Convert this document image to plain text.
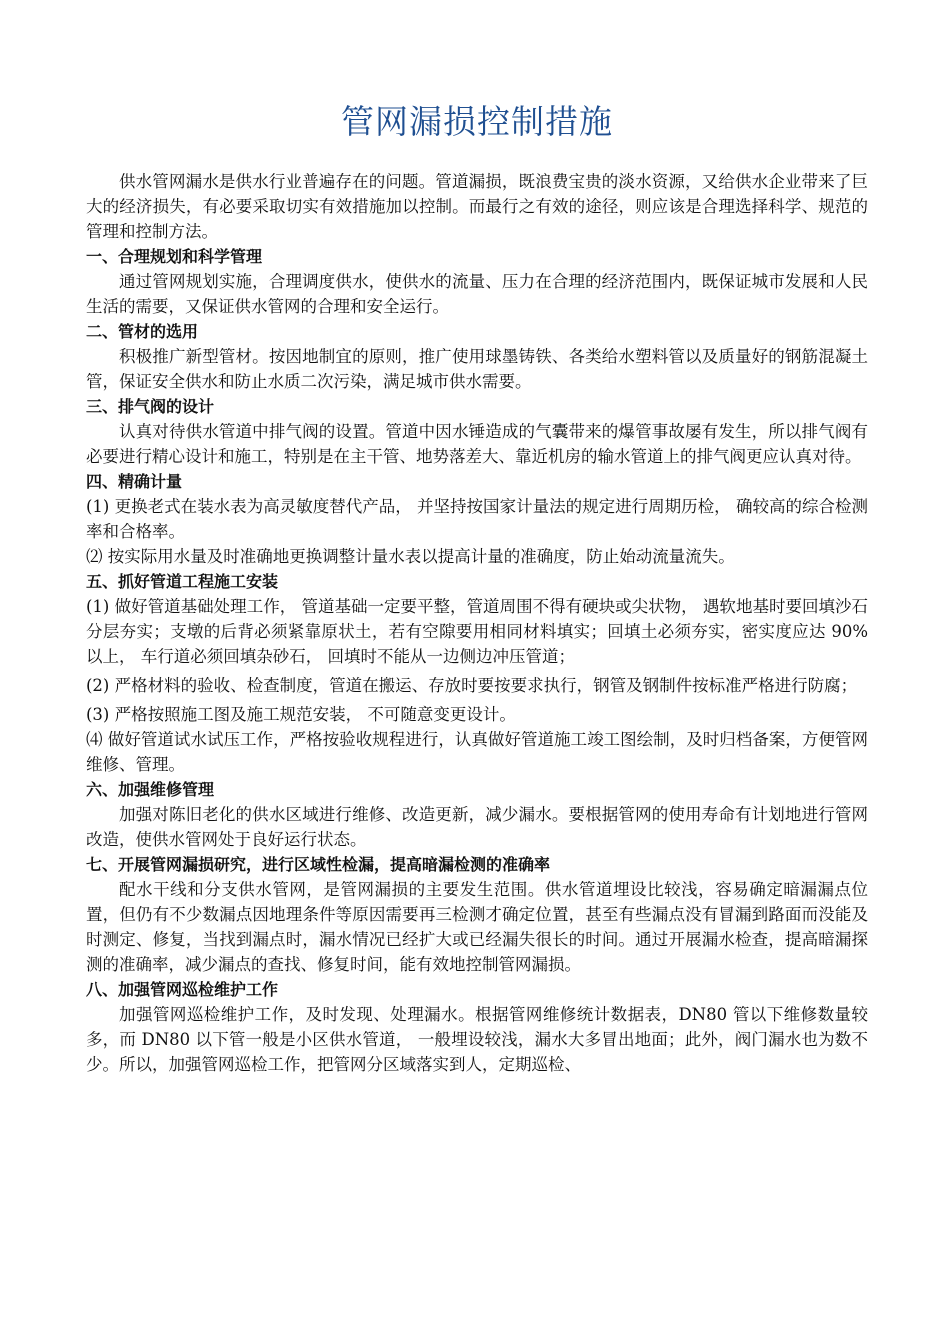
管网漏损控制措施

供水管网漏水是供水行业普遍存在的问题。管道漏损，既浪费宝贵的淡水资源，又给供水企业带来了巨大的经济损失，有必要采取切实有效措施加以控制。而最行之有效的途径，则应该是合理选择科学、规范的管理和控制方法。

一、合理规划和科学管理

通过管网规划实施，合理调度供水，使供水的流量、压力在合理的经济范围内，既保证城市发展和人民生活的需要，又保证供水管网的合理和安全运行。

二、管材的选用

积极推广新型管材。按因地制宜的原则，推广使用球墨铸铁、各类给水塑料管以及质量好的钢筋混凝土管，保证安全供水和防止水质二次污染，满足城市供水需要。

三、排气阀的设计

认真对待供水管道中排气阀的设置。管道中因水锤造成的气囊带来的爆管事故屡有发生，所以排气阀有必要进行精心设计和施工，特别是在主干管、地势落差大、靠近机房的输水管道上的排气阀更应认真对待。

四、精确计量

(1) 更换老式在装水表为高灵敏度替代产品， 并坚持按国家计量法的规定进行周期历检， 确较高的综合检测率和合格率。

⑵ 按实际用水量及时准确地更换调整计量水表以提高计量的准确度，防止始动流量流失。

五、抓好管道工程施工安装

(1) 做好管道基础处理工作， 管道基础一定要平整，管道周围不得有硬块或尖状物， 遇软地基时要回填沙石分层夯实；支墩的后背必须紧靠原状土，若有空隙要用相同材料填实；回填土必须夯实，密实度应达 90%以上， 车行道必须回填杂砂石， 回填时不能从一边侧边冲压管道；

(2) 严格材料的验收、检查制度，管道在搬运、存放时要按要求执行，钢管及钢制件按标准严格进行防腐；

(3) 严格按照施工图及施工规范安装， 不可随意变更设计。

⑷ 做好管道试水试压工作，严格按验收规程进行，认真做好管道施工竣工图绘制，及时归档备案，方便管网维修、管理。

六、加强维修管理

加强对陈旧老化的供水区域进行维修、改造更新，减少漏水。要根据管网的使用寿命有计划地进行管网改造，使供水管网处于良好运行状态。

七、开展管网漏损研究，进行区域性检漏，提高暗漏检测的准确率

配水干线和分支供水管网，是管网漏损的主要发生范围。供水管道埋设比较浅，容易确定暗漏漏点位置，但仍有不少数漏点因地理条件等原因需要再三检测才确定位置，甚至有些漏点没有冒漏到路面而没能及时测定、修复，当找到漏点时，漏水情况已经扩大或已经漏失很长的时间。通过开展漏水检查，提高暗漏探测的准确率，减少漏点的查找、修复时间，能有效地控制管网漏损。

八、加强管网巡检维护工作

加强管网巡检维护工作，及时发现、处理漏水。根据管网维修统计数据表，DN80 管以下维修数量较多，而 DN80 以下管一般是小区供水管道， 一般埋设较浅，漏水大多冒出地面；此外，阀门漏水也为数不少。所以，加强管网巡检工作，把管网分区域落实到人，定期巡检、
